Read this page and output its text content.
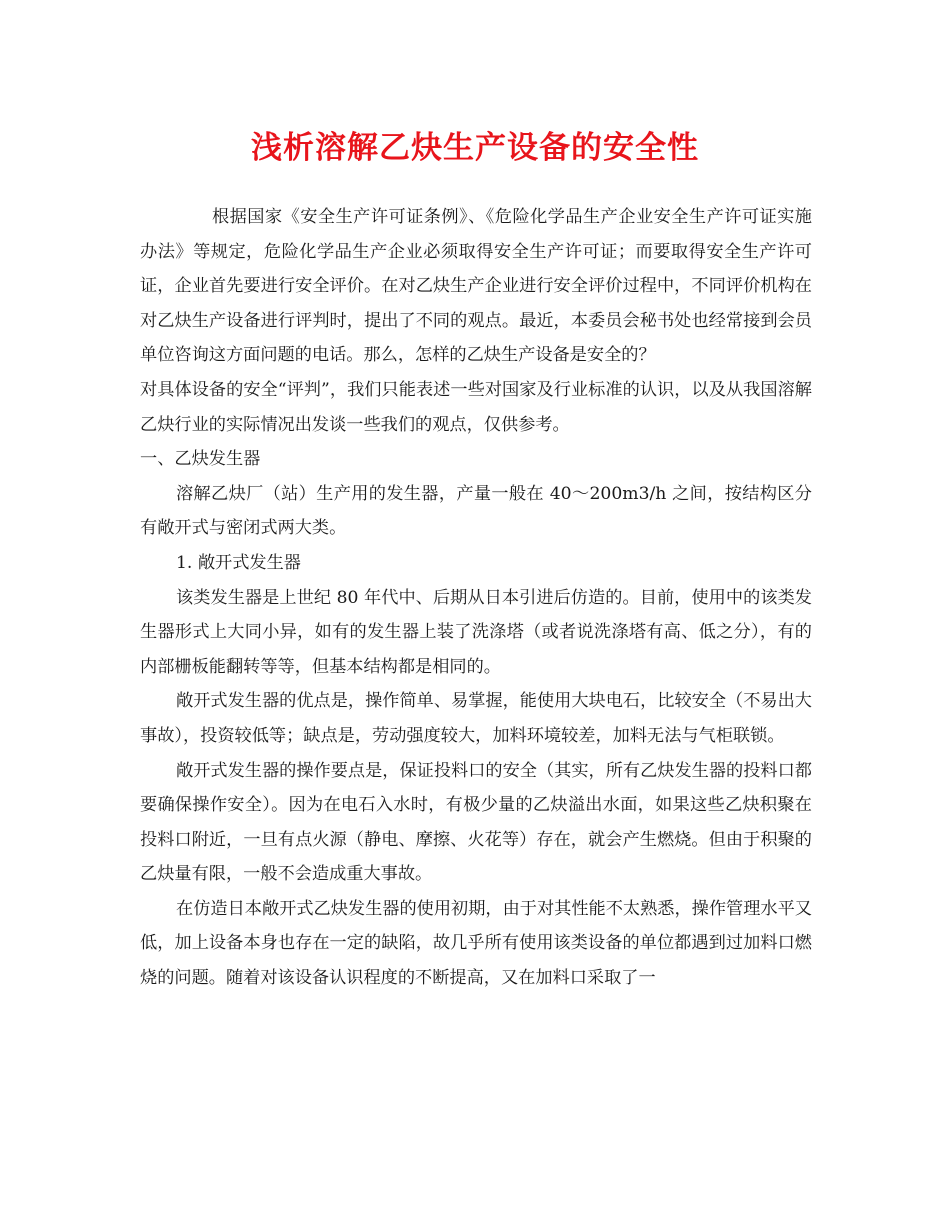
浅析溶解乙炔生产设备的安全性

根据国家《安全生产许可证条例》、《危险化学品生产企业安全生产许可证实施办法》等规定，危险化学品生产企业必须取得安全生产许可证；而要取得安全生产许可证，企业首先要进行安全评价。在对乙炔生产企业进行安全评价过程中，不同评价机构在对乙炔生产设备进行评判时，提出了不同的观点。最近，本委员会秘书处也经常接到会员单位咨询这方面问题的电话。那么，怎样的乙炔生产设备是安全的？

对具体设备的安全“评判”，我们只能表述一些对国家及行业标准的认识，以及从我国溶解乙炔行业的实际情况出发谈一些我们的观点，仅供参考。

一、乙炔发生器

溶解乙炔厂（站）生产用的发生器，产量一般在 40～200m3/h 之间，按结构区分有敞开式与密闭式两大类。

1. 敞开式发生器

该类发生器是上世纪 80 年代中、后期从日本引进后仿造的。目前，使用中的该类发生器形式上大同小异，如有的发生器上装了洗涤塔（或者说洗涤塔有高、低之分），有的内部栅板能翻转等等，但基本结构都是相同的。

敞开式发生器的优点是，操作简单、易掌握，能使用大块电石，比较安全（不易出大事故），投资较低等；缺点是，劳动强度较大，加料环境较差，加料无法与气柜联锁。

敞开式发生器的操作要点是，保证投料口的安全（其实，所有乙炔发生器的投料口都要确保操作安全）。因为在电石入水时，有极少量的乙炔溢出水面，如果这些乙炔积聚在投料口附近，一旦有点火源（静电、摩擦、火花等）存在，就会产生燃烧。但由于积聚的乙炔量有限，一般不会造成重大事故。

在仿造日本敞开式乙炔发生器的使用初期，由于对其性能不太熟悉，操作管理水平又低，加上设备本身也存在一定的缺陷，故几乎所有使用该类设备的单位都遇到过加料口燃烧的问题。随着对该设备认识程度的不断提高，又在加料口采取了一
